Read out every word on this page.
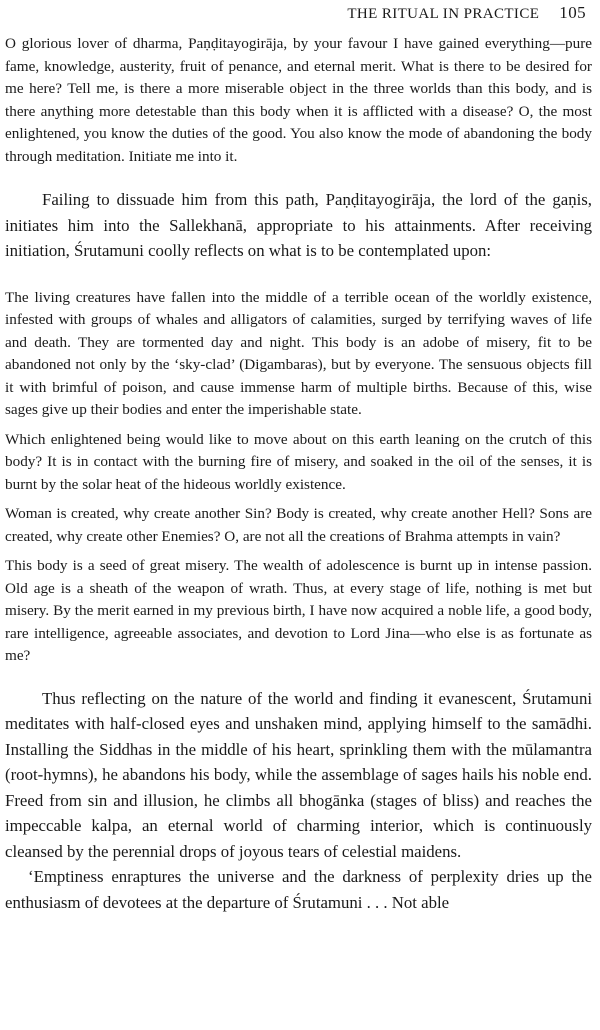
THE RITUAL IN PRACTICE 105

O glorious lover of dharma, Paṇḍitayogirāja, by your favour I have gained everything—pure fame, knowledge, austerity, fruit of penance, and eternal merit. What is there to be desired for me here? Tell me, is there a more miserable object in the three worlds than this body, and is there anything more detestable than this body when it is afflicted with a disease? O, the most enlightened, you know the duties of the good. You also know the mode of abandoning the body through meditation. Initiate me into it.

Failing to dissuade him from this path, Paṇḍitayogirāja, the lord of the gaṇis, initiates him into the Sallekhanā, appropriate to his attainments. After receiving initiation, Śrutamuni coolly reflects on what is to be contemplated upon:

The living creatures have fallen into the middle of a terrible ocean of the worldly existence, infested with groups of whales and alligators of calamities, surged by terrifying waves of life and death. They are tormented day and night. This body is an adobe of misery, fit to be abandoned not only by the ‘sky-clad’ (Digambaras), but by everyone. The sensuous objects fill it with brimful of poison, and cause immense harm of multiple births. Because of this, wise sages give up their bodies and enter the imperishable state.

Which enlightened being would like to move about on this earth leaning on the crutch of this body? It is in contact with the burning fire of misery, and soaked in the oil of the senses, it is burnt by the solar heat of the hideous worldly existence.

Woman is created, why create another Sin? Body is created, why create another Hell? Sons are created, why create other Enemies? O, are not all the creations of Brahma attempts in vain?

This body is a seed of great misery. The wealth of adolescence is burnt up in intense passion. Old age is a sheath of the weapon of wrath. Thus, at every stage of life, nothing is met but misery. By the merit earned in my previous birth, I have now acquired a noble life, a good body, rare intelligence, agreeable associates, and devotion to Lord Jina—who else is as fortunate as me?

Thus reflecting on the nature of the world and finding it evanescent, Śrutamuni meditates with half-closed eyes and unshaken mind, applying himself to the samādhi. Installing the Siddhas in the middle of his heart, sprinkling them with the mūlamantra (root-hymns), he abandons his body, while the assemblage of sages hails his noble end. Freed from sin and illusion, he climbs all bhogānka (stages of bliss) and reaches the impeccable kalpa, an eternal world of charming interior, which is continuously cleansed by the perennial drops of joyous tears of celestial maidens.

‘Emptiness enraptures the universe and the darkness of perplexity dries up the enthusiasm of devotees at the departure of Śrutamuni . . . Not able
